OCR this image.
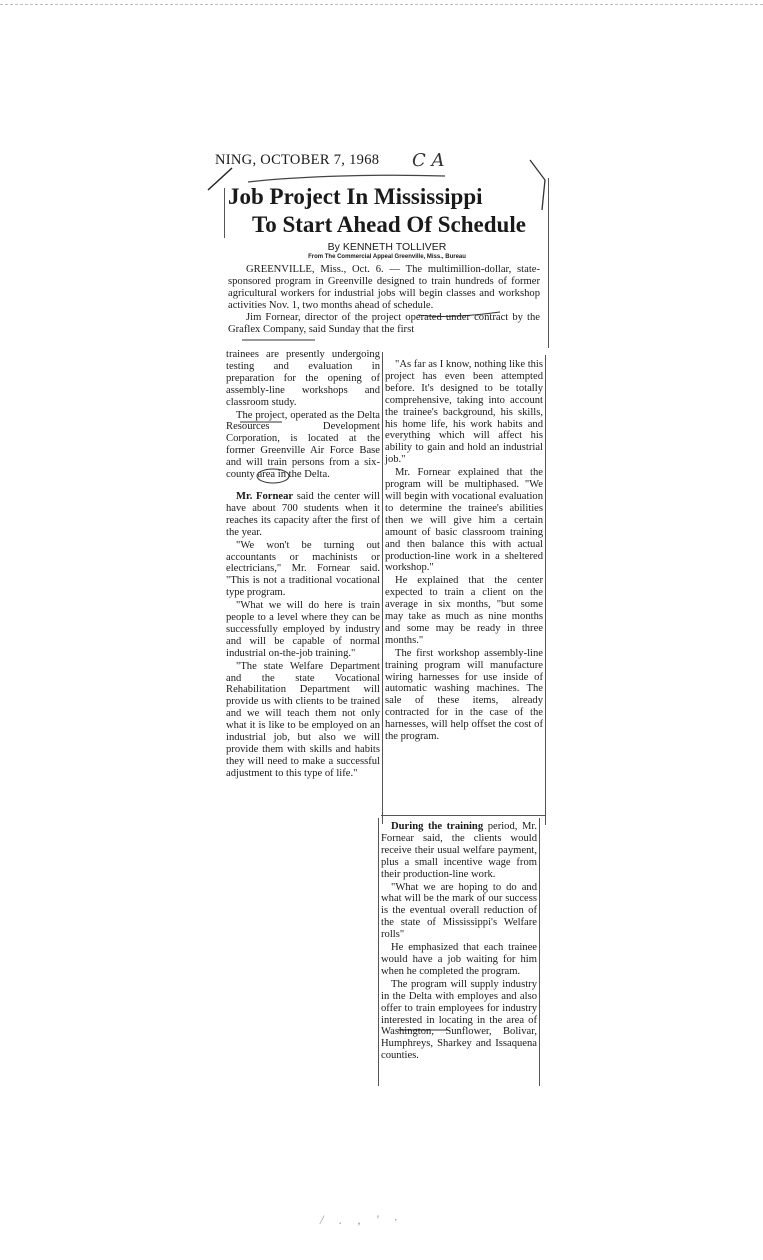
NING, OCTOBER 7, 1968 C A
Job Project In Mississippi
To Start Ahead Of Schedule
By KENNETH TOLLIVER
From The Commercial Appeal Greenville, Miss., Bureau

GREENVILLE, Miss., Oct. 6. — The multimillion-dollar, state-sponsored program in Greenville designed to train hundreds of former agricultural workers for industrial jobs will begin classes and workshop activities Nov. 1, two months ahead of schedule.

Jim Fornear, director of the project operated under contract by the Graflex Company, said Sunday that the first

trainees are presently undergoing testing and evaluation in preparation for the opening of assembly-line workshops and classroom study.

The project, operated as the Delta Resources Development Corporation, is located at the former Greenville Air Force Base and will train persons from a six-county area in the Delta.

Mr. Fornear said the center will have about 700 students when it reaches its capacity after the first of the year.

"We won't be turning out accountants or machinists or electricians," Mr. Fornear said. "This is not a traditional vocational type program.

"What we will do here is train people to a level where they can be successfully employed by industry and will be capable of normal industrial on-the-job training."

"The state Welfare Department and the state Vocational Rehabilitation Department will provide us with clients to be trained and we will teach them not only what it is like to be employed on an industrial job, but also we will provide them with skills and habits they will need to make a successful adjustment to this type of life."

"As far as I know, nothing like this project has even been attempted before. It's designed to be totally comprehensive, taking into account the trainee's background, his skills, his home life, his work habits and everything which will affect his ability to gain and hold an industrial job."

Mr. Fornear explained that the program will be multiphased. "We will begin with vocational evaluation to determine the trainee's abilities then we will give him a certain amount of basic classroom training and then balance this with actual production-line work in a sheltered workshop."

He explained that the center expected to train a client on the average in six months, "but some may take as much as nine months and some may be ready in three months."

The first workshop assembly-line training program will manufacture wiring harnesses for use inside of automatic washing machines. The sale of these items, already contracted for in the case of the harnesses, will help offset the cost of the program.

During the training period, Mr. Fornear said, the clients would receive their usual welfare payment, plus a small incentive wage from their production-line work.

"What we are hoping to do and what will be the mark of our success is the eventual overall reduction of the state of Mississippi's Welfare rolls"

He emphasized that each trainee would have a job waiting for him when he completed the program.

The program will supply industry in the Delta with employes and also offer to train employees for industry interested in locating in the area of Washington, Sunflower, Bolivar, Humphreys, Sharkey and Issaquena counties.

/ . , ' ·
